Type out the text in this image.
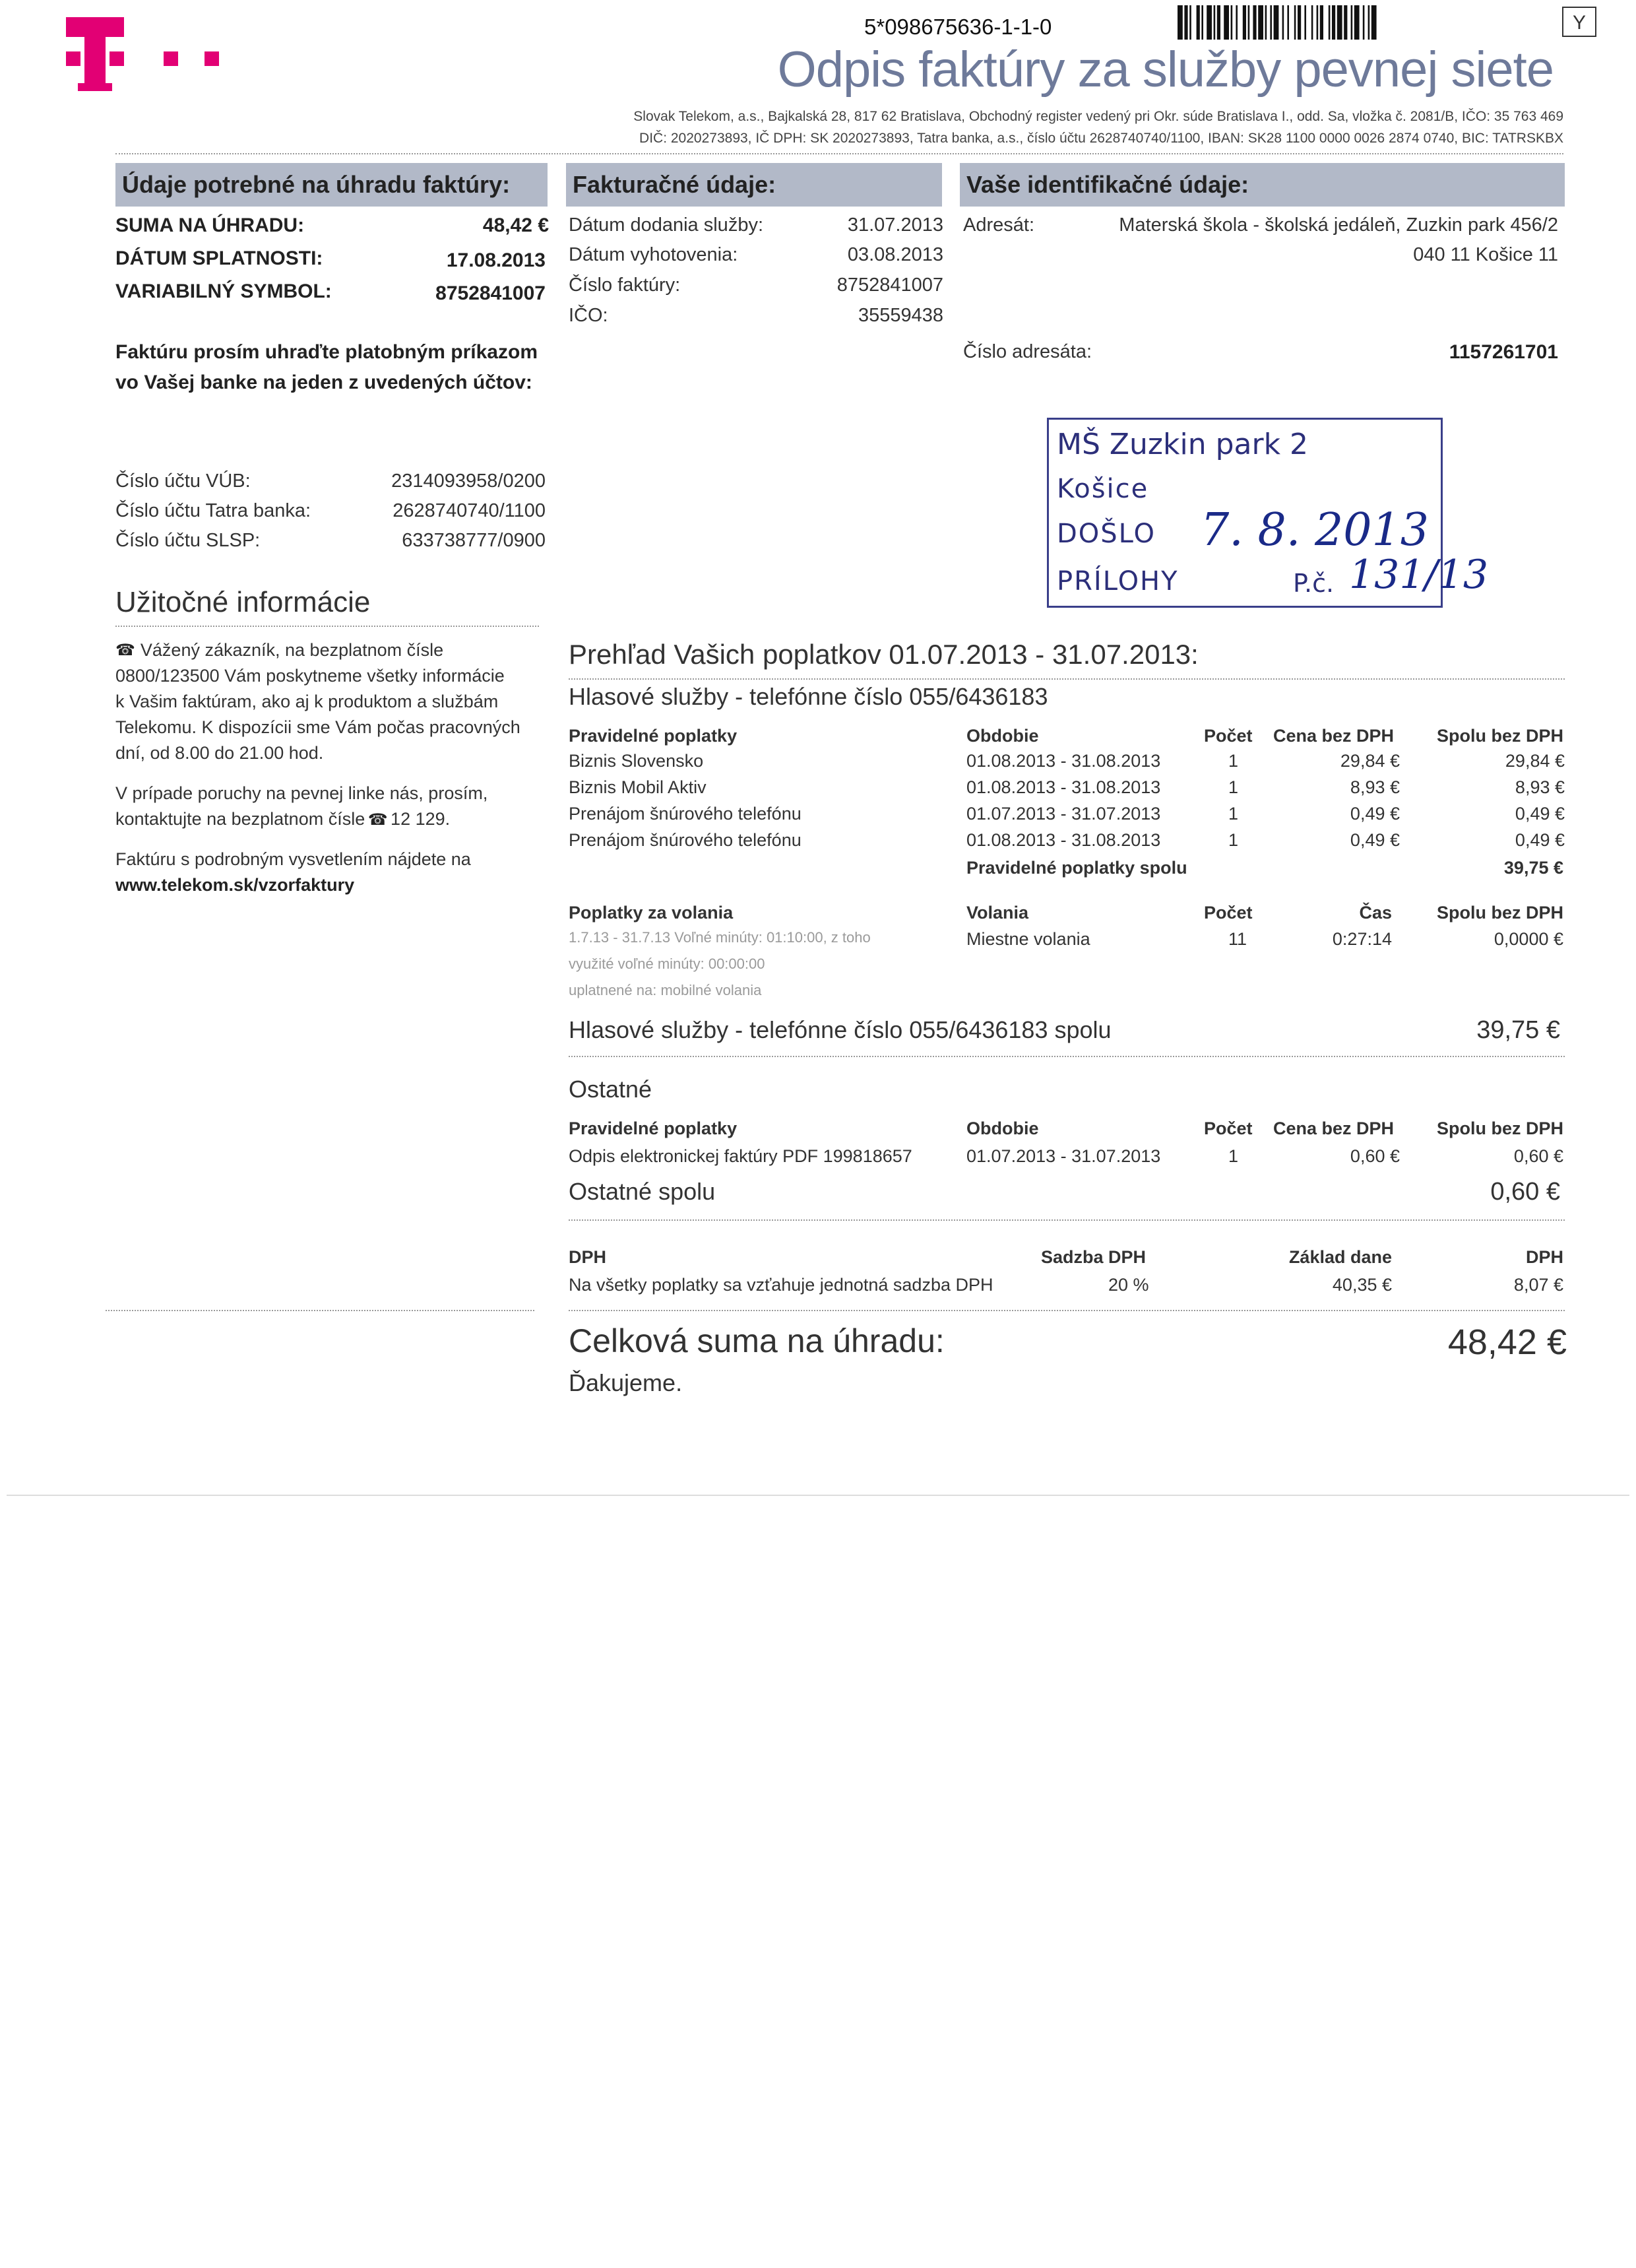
5*098675636-1-1-0	Y
Odpis faktúry za služby pevnej siete
Slovak Telekom, a.s., Bajkalská 28, 817 62 Bratislava, Obchodný register vedený pri Okr. súde Bratislava I., odd. Sa, vložka č. 2081/B, IČO: 35 763 469
DIČ: 2020273893, IČ DPH: SK 2020273893, Tatra banka, a.s., číslo účtu 2628740740/1100, IBAN: SK28 1100 0000 0026 2874 0740, BIC: TATRSKBX
Údaje potrebné na úhradu faktúry:	Fakturačné údaje:	Vaše identifikačné údaje:
SUMA NA ÚHRADU:	48,42 €
DÁTUM SPLATNOSTI:	17.08.2013
VARIABILNÝ SYMBOL:	8752841007
Faktúru prosím uhraďte platobným príkazom
vo Vašej banke na jeden z uvedených účtov:
Číslo účtu VÚB:	2314093958/0200
Číslo účtu Tatra banka:	2628740740/1100
Číslo účtu SLSP:	633738777/0900
Dátum dodania služby:	31.07.2013
Dátum vyhotovenia:	03.08.2013
Číslo faktúry:	8752841007
IČO:	35559438
Adresát:	Materská škola - školská jedáleň, Zuzkin park 456/2
040 11 Košice 11
Číslo adresáta:	1157261701
MŠ Zuzkin park 2
Košice
DOŠLO
PRÍLOHY	P.č.
7. 8. 2013
131/13
Užitočné informácie
☎ Vážený zákazník, na bezplatnom čísle
0800/123500 Vám poskytneme všetky informácie
k Vašim faktúram, ako aj k produktom a službám
Telekomu. K dispozícii sme Vám počas pracovných
dní, od 8.00 do 21.00 hod.
V prípade poruchy na pevnej linke nás, prosím,
kontaktujte na bezplatnom čísle ☎ 12 129.
Faktúru s podrobným vysvetlením nájdete na
www.telekom.sk/vzorfaktury
Prehľad Vašich poplatkov 01.07.2013 - 31.07.2013:
Hlasové služby - telefónne číslo 055/6436183
Pravidelné poplatky	Obdobie	Počet Cena bez DPH	Spolu bez DPH
Biznis Slovensko	01.08.2013 - 31.08.2013	1	29,84 €	29,84 €
Biznis Mobil Aktiv	01.08.2013 - 31.08.2013	1	8,93 €	8,93 €
Prenájom šnúrového telefónu	01.07.2013 - 31.07.2013	1	0,49 €	0,49 €
Prenájom šnúrového telefónu	01.08.2013 - 31.08.2013	1	0,49 €	0,49 €
Pravidelné poplatky spolu	39,75 €
Poplatky za volania	Volania	Počet	Čas	Spolu bez DPH
Miestne volania	11	0:27:14	0,0000 €
1.7.13 - 31.7.13 Voľné minúty: 01:10:00, z toho
využité voľné minúty: 00:00:00
uplatnené na: mobilné volania
Hlasové služby - telefónne číslo 055/6436183 spolu	39,75 €
Ostatné
Pravidelné poplatky	Obdobie	Počet Cena bez DPH	Spolu bez DPH
Odpis elektronickej faktúry PDF 199818657	01.07.2013 - 31.07.2013	1	0,60 €	0,60 €
Ostatné spolu	0,60 €
DPH	Sadzba DPH	Základ dane	DPH
Na všetky poplatky sa vzťahuje jednotná sadzba DPH	20 %	40,35 €	8,07 €
Celková suma na úhradu:	48,42 €
Ďakujeme.
